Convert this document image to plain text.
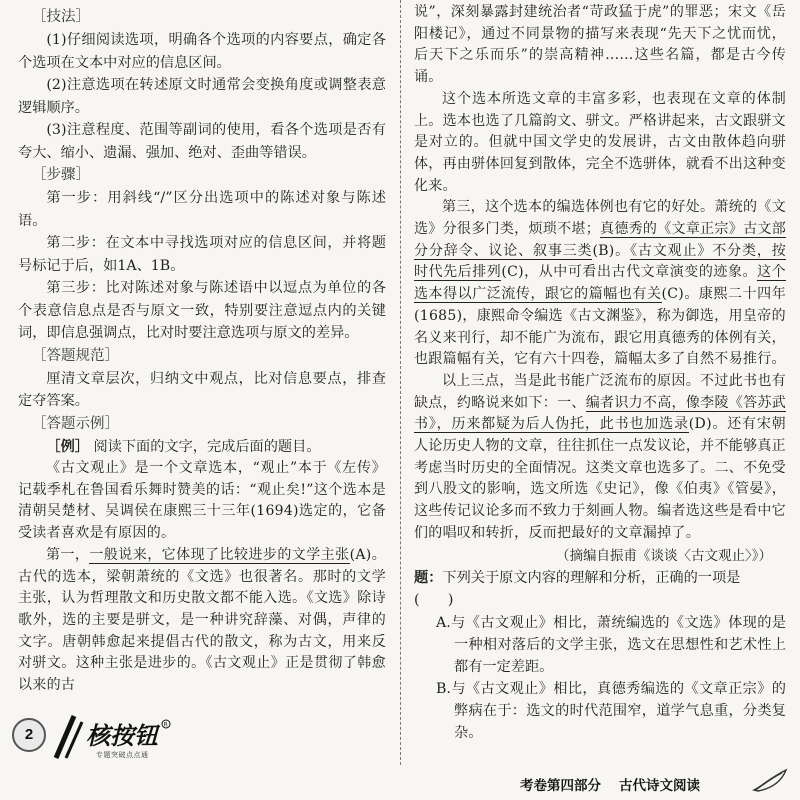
［技法］

(1)仔细阅读选项，明确各个选项的内容要点，确定各个选项在文本中对应的信息区间。

(2)注意选项在转述原文时通常会变换角度或调整表意逻辑顺序。

(3)注意程度、范围等副词的使用，看各个选项是否有夸大、缩小、遗漏、强加、绝对、歪曲等错误。

［步骤］

第一步：用斜线“/”区分出选项中的陈述对象与陈述语。

第二步：在文本中寻找选项对应的信息区间，并将题号标记于后，如1A、1B。

第三步：比对陈述对象与陈述语中以逗点为单位的各个表意信息点是否与原文一致，特别要注意逗点内的关键词，即信息强调点，比对时要注意选项与原文的差异。

［答题规范］

厘清文章层次，归纳文中观点，比对信息要点，排查定夺答案。

［答题示例］

［例］ 阅读下面的文字，完成后面的题目。

《古文观止》是一个文章选本，“观止”本于《左传》记载季札在鲁国看乐舞时赞美的话：“观止矣!”这个选本是清朝吴楚材、吴调侯在康熙三十三年(1694)选定的，它备受读者喜欢是有原因的。

第一，一般说来，它体现了比较进步的文学主张(A)。古代的选本，梁朝萧统的《文选》也很著名。那时的文学主张，认为哲理散文和历史散文都不能入选。《文选》除诗歌外，选的主要是骈文，是一种讲究辞藻、对偶，声律的文字。唐朝韩愈起来提倡古代的散文，称为古文，用来反对骈文。这种主张是进步的。《古文观止》正是贯彻了韩愈以来的古

说”，深刻暴露封建统治者“苛政猛于虎”的罪恶；宋文《岳阳楼记》，通过不同景物的描写来表现“先天下之忧而忧，后天下之乐而乐”的崇高精神……这些名篇，都是古今传诵。

这个选本所选文章的丰富多彩，也表现在文章的体制上。选本也选了几篇韵文、骈文。严格讲起来，古文跟骈文是对立的。但就中国文学史的发展讲，古文由散体趋向骈体，再由骈体回复到散体，完全不选骈体，就看不出这种变化来。

第三，这个选本的编选体例也有它的好处。萧统的《文选》分很多门类，烦琐不堪；真德秀的《文章正宗》古文部分分辞令、议论、叙事三类(B)。《古文观止》不分类，按时代先后排列(C)，从中可看出古代文章演变的迹象。这个选本得以广泛流传，跟它的篇幅也有关(C)。康熙二十四年(1685)，康熙命令编选《古文渊鉴》，称为御选，用皇帝的名义来刊行，却不能广为流布，跟它用真德秀的体例有关，也跟篇幅有关，它有六十四卷，篇幅太多了自然不易推行。

以上三点，当是此书能广泛流布的原因。不过此书也有缺点，约略说来如下：一、编者识力不高，像李陵《答苏武书》，历来都疑为后人伪托，此书也加选录(D)。还有宋朝人论历史人物的文章，往往抓住一点发议论，并不能够真正考虑当时历史的全面情况。这类文章也选多了。二、不免受到八股文的影响，选文所选《史记》，像《伯夷》《管晏》，这些传记议论多而不致力于刻画人物。编者选这些是看中它们的唱叹和转折，反而把最好的文章漏掉了。

（摘编自振甫《谈谈〈古文观止〉》）

题：下列关于原文内容的理解和分析，正确的一项是(　　)

A.与《古文观止》相比，萧统编选的《文选》体现的是一种相对落后的文学主张，选文在思想性和艺术性上都有一定差距。

B.与《古文观止》相比，真德秀编选的《文章正宗》的弊病在于：选文的时代范围窄，道学气息重，分类复杂。

2	核按钮 R
专题突破点点通
考卷第四部分 古代诗文阅读
